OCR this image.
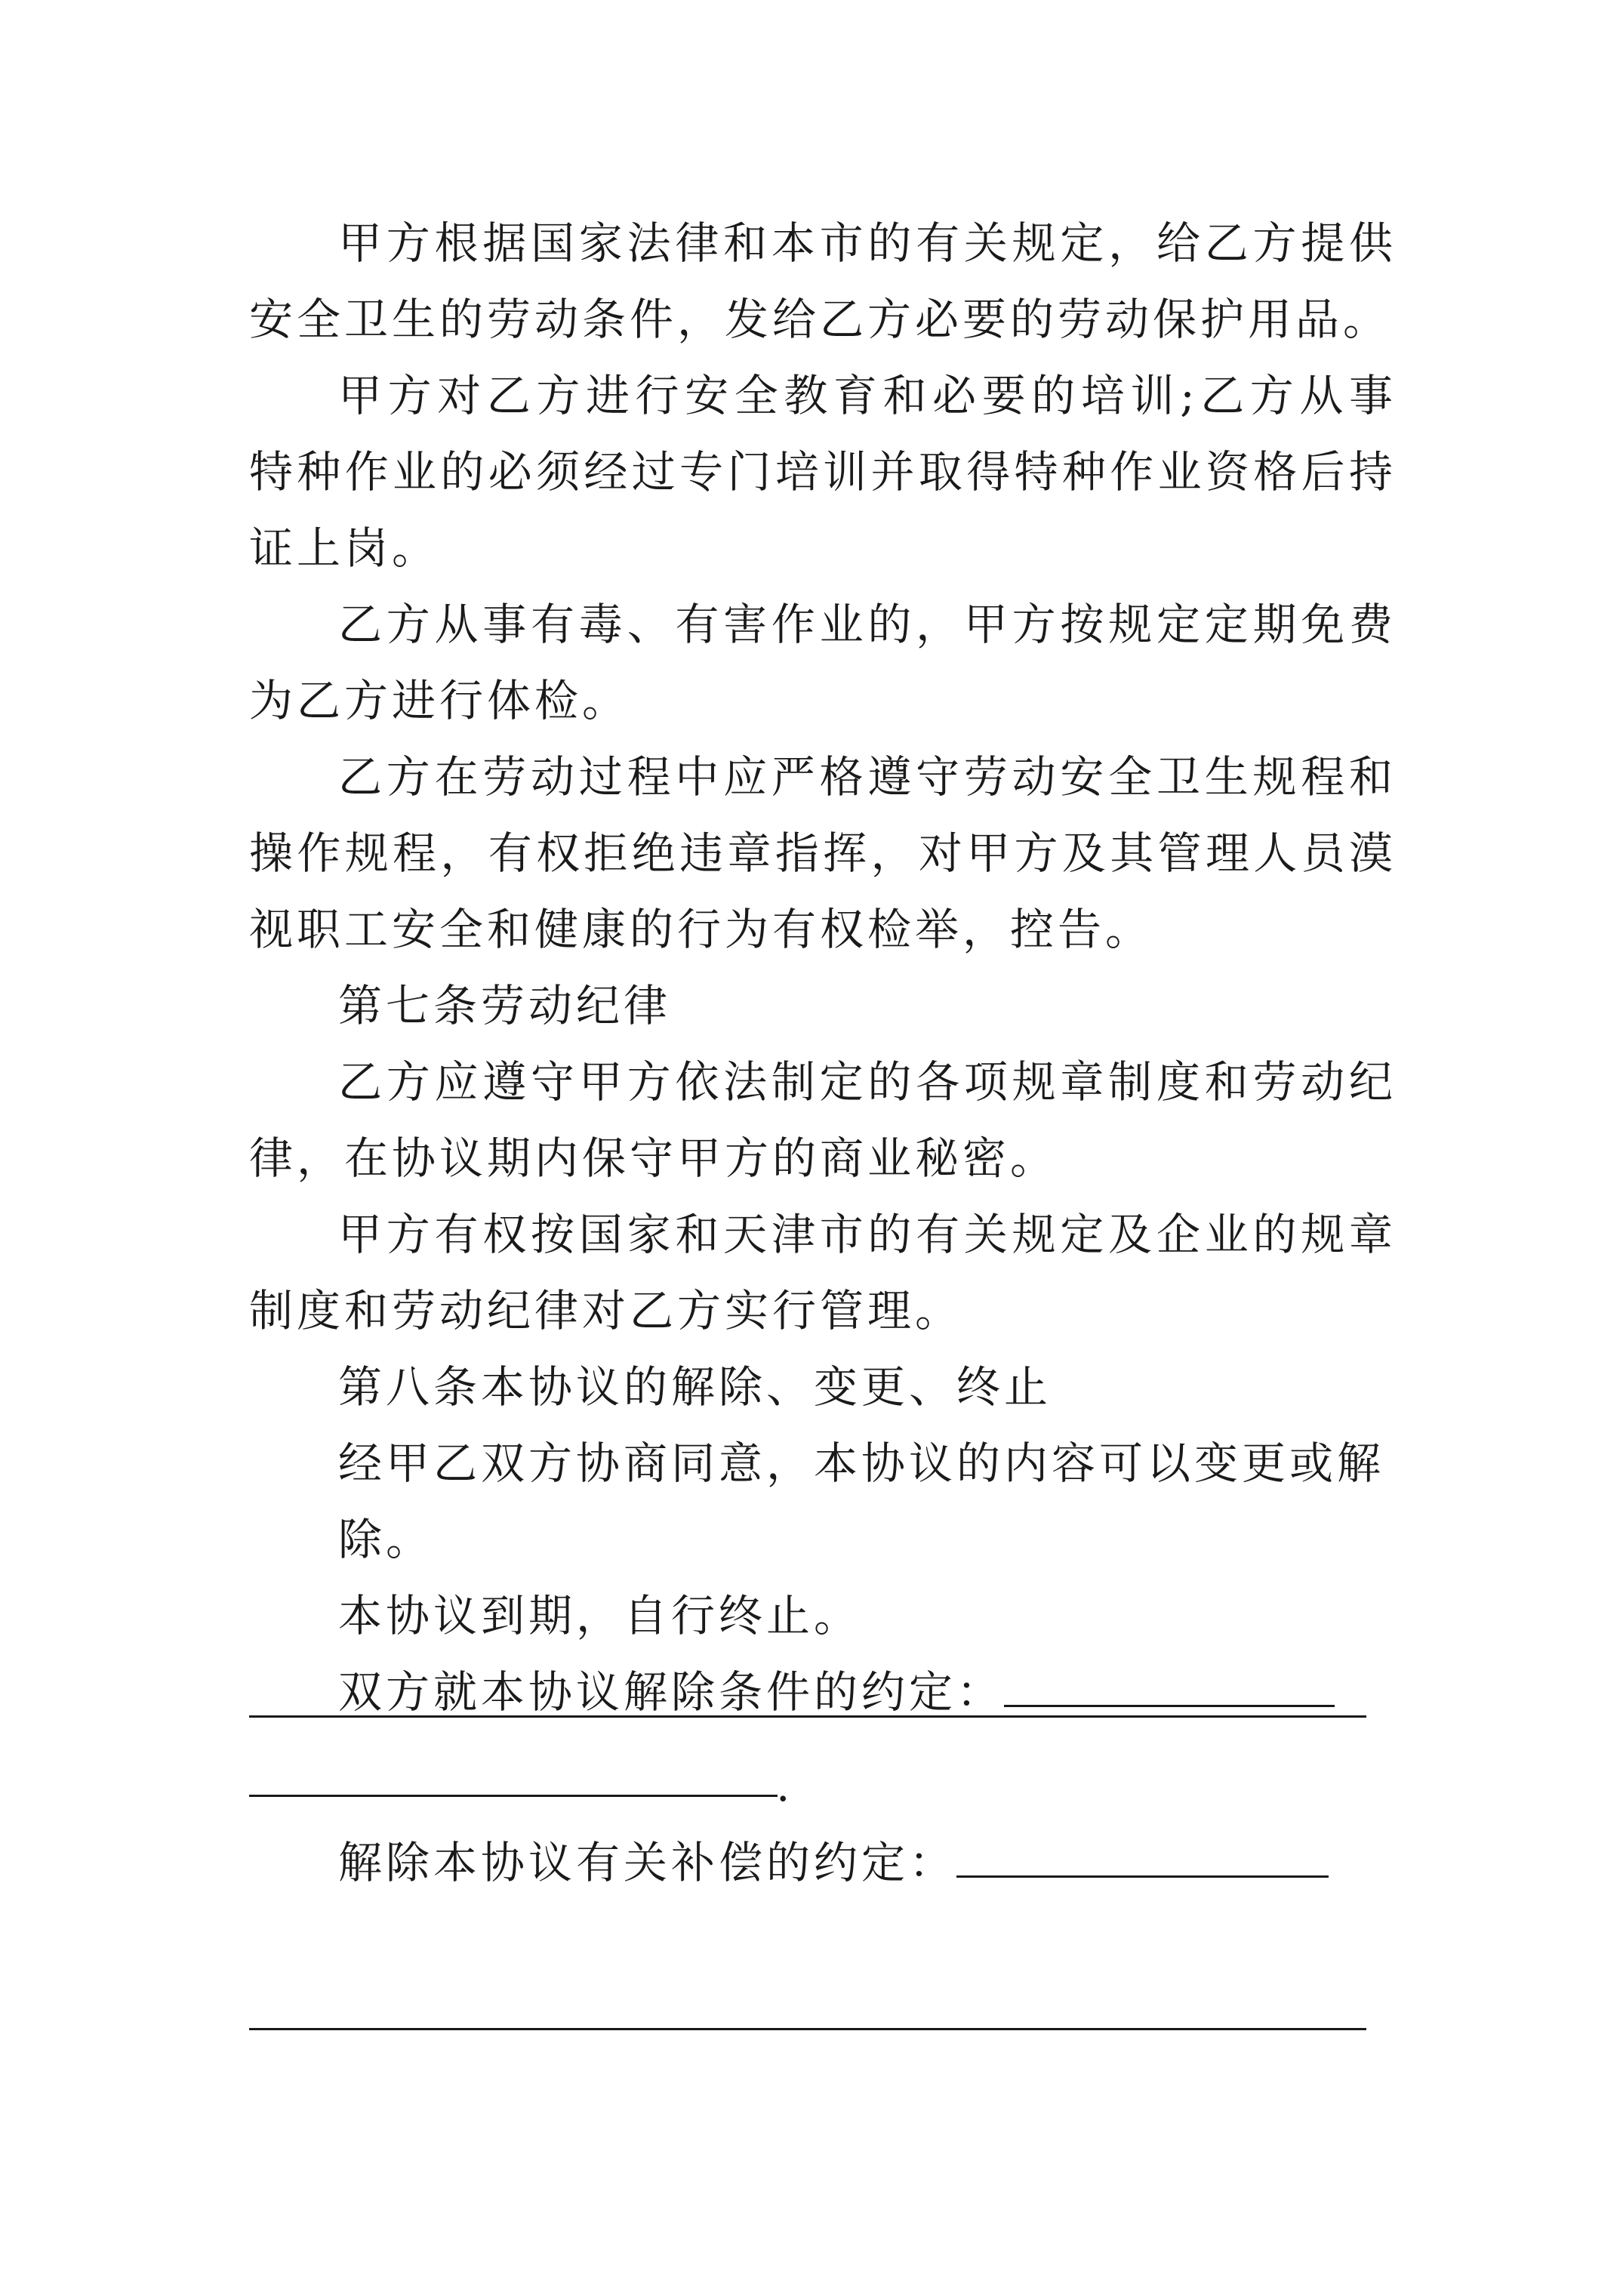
甲方根据国家法律和本市的有关规定，给乙方提供安全卫生的劳动条件，发给乙方必要的劳动保护用品。

甲方对乙方进行安全教育和必要的培训;乙方从事特种作业的必须经过专门培训并取得特种作业资格后持证上岗。

乙方从事有毒、有害作业的，甲方按规定定期免费为乙方进行体检。

乙方在劳动过程中应严格遵守劳动安全卫生规程和操作规程，有权拒绝违章指挥，对甲方及其管理人员漠视职工安全和健康的行为有权检举，控告。

第七条劳动纪律

乙方应遵守甲方依法制定的各项规章制度和劳动纪律，在协议期内保守甲方的商业秘密。

甲方有权按国家和天津市的有关规定及企业的规章制度和劳动纪律对乙方实行管理。

第八条本协议的解除、变更、终止

经甲乙双方协商同意，本协议的内容可以变更或解除。

本协议到期，自行终止。

双方就本协议解除条件的约定：

.
解除本协议有关补偿的约定：
